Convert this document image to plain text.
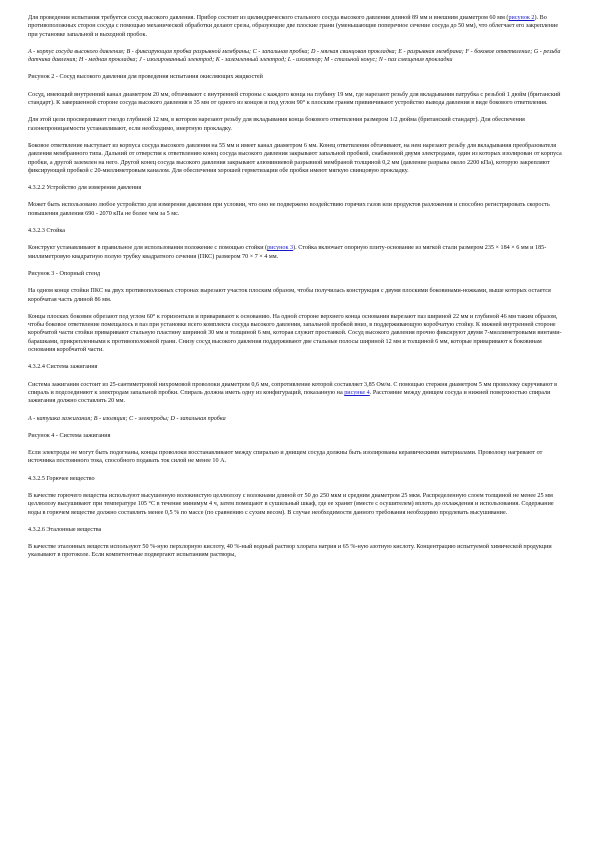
Для проведения испытания требуется сосуд высокого давления. Прибор состоит из цилиндрического стального сосуда высокого давления длиной 89 мм и внешним диаметром 60 мм (рисунок 2). Во противоположных сторон сосуда с помощью механической обработки делают срезы, образующие две плоские грани (уменьшающие поперечное сечение сосуда до 50 мм), что облегчает его закрепление при установке запальной и выходной пробок.

A - корпус сосуда высокого давления; B - фиксирующая пробка разрывной мембраны; C - запальная пробка; D - мягкая свинцовая прокладка; E - разрывная мембрана; F - боковое ответвление; G - резьба датчика давления; H - медная прокладка; J - изолированный электрод; K - заземленный электрод; L - изолятор; M - стальной конус; N - паз смещения прокладки

Рисунок 2 - Сосуд высокого давления для проведения испытания окисляющих жидкостей

Сосуд, имеющий внутренний канал диаметром 20 мм, обтачивают с внутренней стороны с каждого конца на глубину 19 мм, где нарезают резьбу для вкладывания патрубка с резьбой 1 дюйм (британский стандарт). К завершенной стороне сосуда высокого давления в 35 мм от одного из концов и под углом 90° к плоским граням привинчивают устройство вывода давления в виде бокового ответвления.

Для этой цели просверливают гнездо глубиной 12 мм, в котором нарезают резьбу для вкладывания конца бокового ответвления размером 1/2 дюйма (британский стандарт). Для обеспечения газонепроницаемости устанавливают, если необходимо, инертную прокладку.

Боковое ответвление выступает из корпуса сосуда высокого давления на 55 мм и имеет канал диаметром 6 мм. Конец ответвления обтачивают, на нем нарезают резьбу для вкладывания преобразователя давления мембранного типа. Дальний от отверстия к ответвлению конец сосуда высокого давления закрывают запальной пробкой, снабженной двумя электродами, один из которых изолирован от корпуса пробки, а другой заземлен на него. Другой конец сосуда высокого давления закрывают алюминиевой разрывной мембраной толщиной 0,2 мм (давление разрыва около 2200 кПа), которую закрепляют фиксирующей пробкой с 20-миллиметровым каналом. Для обеспечения хорошей герметизации обе пробки имеют мягкую свинцовую прокладку.

4.3.2.2 Устройство для измерения давления

Может быть использовано любое устройство для измерения давления при условии, что оно не подвержено воздействию горячих газов или продуктов разложения и способно регистрировать скорость повышения давления 690 - 2070 кПа не более чем за 5 мс.

4.3.2.3 Стойка

Конструкт устанавливают в правильное для использования положение с помощью стойки (рисунок 3). Стойка включает опорную плиту-основание из мягкой стали размером 235 × 184 × 6 мм и 185-миллиметровую квадратную полую трубку квадратного сечения (ПКС) размером 70 × 7 × 4 мм.

Рисунок 3 - Опорный стенд

На одном конце стойки ПКС на двух противоположных сторонах вырезают участок плоским образом, чтобы получилась конструкция с двумя плоскими боковинами-ножками, выше которых остается коробчатая часть длиной 86 мм.

Концы плоских боковин обрезают под углом 60° к горизонтали и приваривают к основанию. На одной стороне верхнего конца основания вырезают паз шириной 22 мм и глубиной 46 мм таким образом, чтобы боковое ответвление помещалось в паз при установке всего комплекта сосуда высокого давления, запальной пробкой вниз, в поддерживающую коробчатую стойку. К нижней внутренней стороне коробчатой части стойки приваривают стальную пластину шириной 30 мм и толщиной 6 мм, которая служит проставкой. Сосуд высокого давления прочно фиксируют двумя 7-миллиметровыми винтами-барашками, прикрепленными к противоположной грани. Снизу сосуд высокого давления поддерживают две стальные полосы шириной 12 мм и толщиной 6 мм, которые приваривают к боковинам основания коробчатой части.

4.3.2.4 Система зажигания

Система зажигания состоит из 25-сантиметровой нихромовой проволоки диаметром 0,6 мм, сопротивление которой составляет 3,85 Ом/м. С помощью стержня диаметром 5 мм проволоку скручивают в спираль и подсоединяют к электродам запальной пробки. Спираль должна иметь одну из конфигураций, показанную на рисунке 4. Расстояние между днищем сосуда и нижней поверхностью спирали зажигания должно составлять 20 мм.

A - катушка зажигания; B - изоляция; C - электроды; D - запальная пробка

Рисунок 4 - Система зажигания

Если электроды не могут быть подогнаны, концы проволоки восстанавливают между спиралью и днищем сосуда должны быть изолированы керамическими материалами. Проволоку нагревают от источника постоянного тока, способного подавать ток силой не менее 10 А.

4.3.2.5 Горючее вещество

В качестве горючего вещества используют высушенную волокнистую целлюлозу с волокнами длиной от 50 до 250 мкм и средним диаметром 25 мкм. Распределенную слоем толщиной не менее 25 мм целлюлозу высушивают при температуре 105 °С в течение минимум 4 ч, затем помещают в сушильный шкаф, где ее хранят (вместе с осушителем) вплоть до охлаждения и использования. Содержание воды в горючем веществе должно составлять менее 0,5 % по массе (по сравнению с сухим весом). В случае необходимости данного требования необходимо продлевать высушивание.

4.3.2.6 Эталонные вещества

В качестве эталонных веществ используют 50 %-ную перхлорную кислоту, 40 %-ный водный раствор хлората натрия и 65 %-ную азотную кислоту. Концентрацию испытуемой химической продукции указывают в протоколе. Если компетентные подвергают испытаниям растворы,
